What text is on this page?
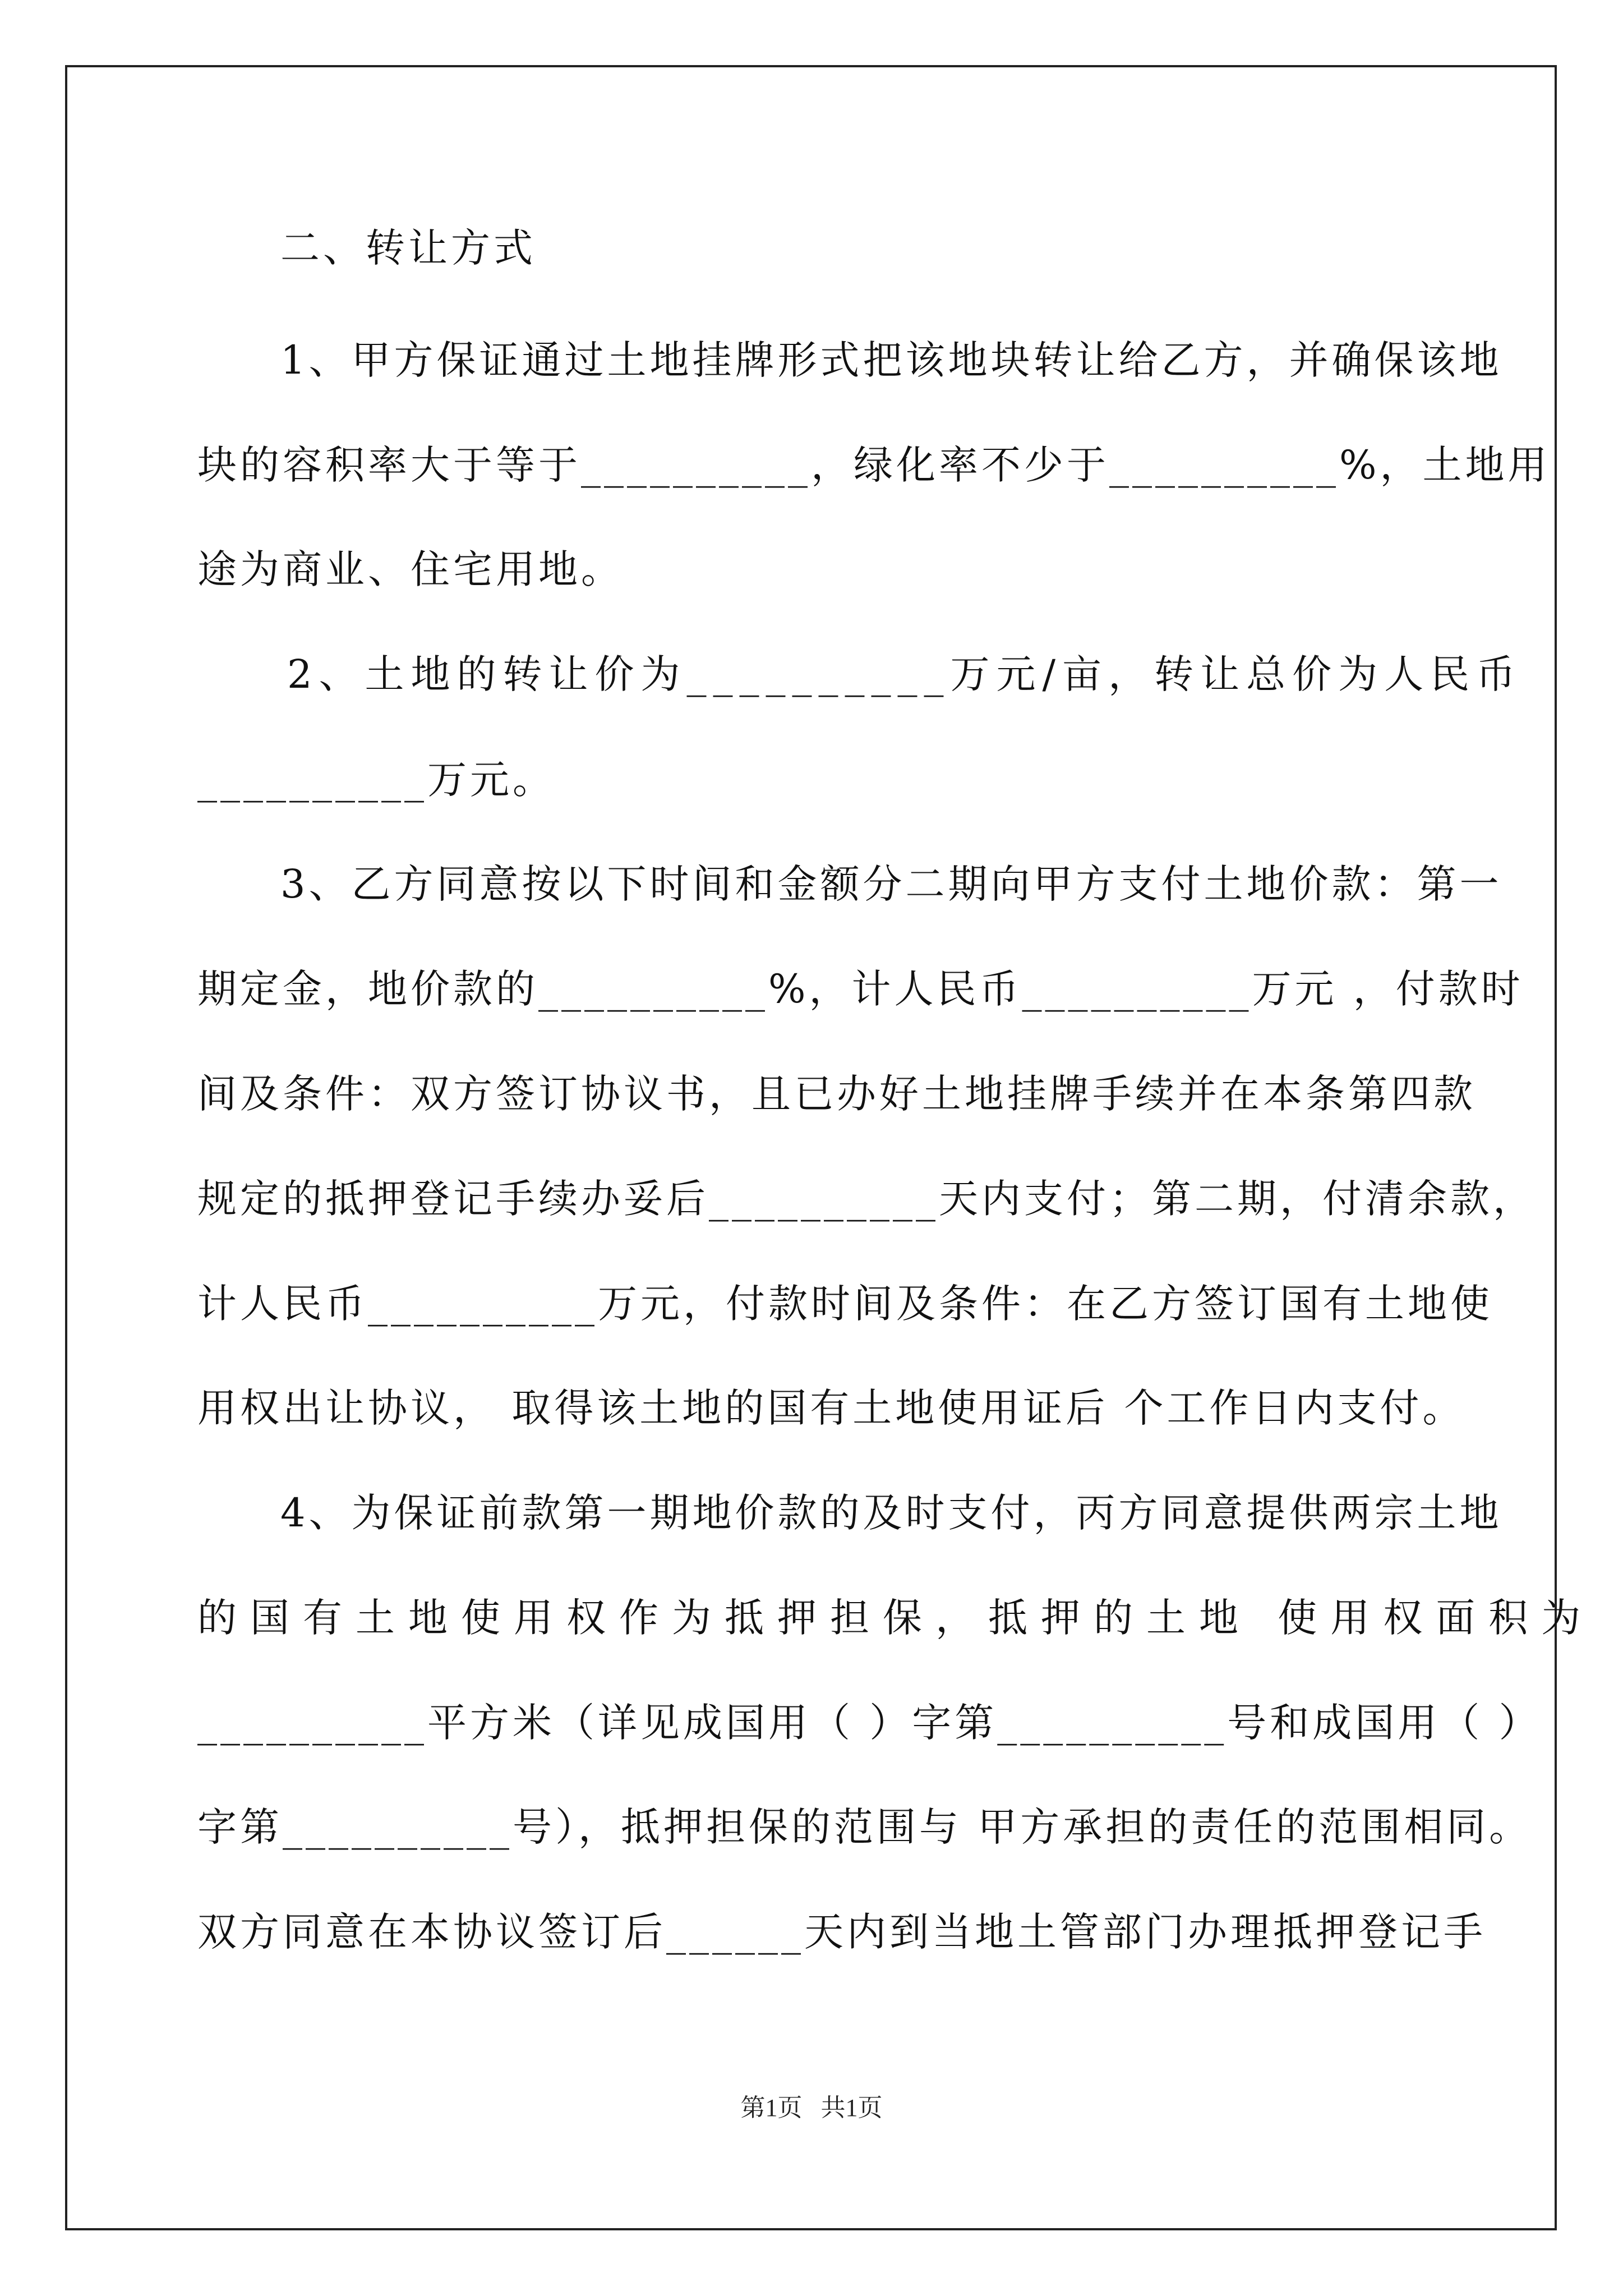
二、转让方式
1、甲方保证通过土地挂牌形式把该地块转让给乙方，并确保该地
块的容积率大于等于__________，绿化率不少于__________%，土地用
途为商业、住宅用地。
2、土地的转让价为__________万元/亩，转让总价为人民币
__________万元。
3、乙方同意按以下时间和金额分二期向甲方支付土地价款：第一
期定金，地价款的__________%，计人民币__________万元 ，付款时
间及条件：双方签订协议书，且已办好土地挂牌手续并在本条第四款
规定的抵押登记手续办妥后__________天内支付；第二期，付清余款，
计人民币__________万元，付款时间及条件：在乙方签订国有土地使
用权出让协议， 取得该土地的国有土地使用证后 个工作日内支付。
4、为保证前款第一期地价款的及时支付，丙方同意提供两宗土地
的国有土地使用权作为抵押担保，抵押的土地 使用权面积为
__________平方米（详见成国用（ ）字第__________号和成国用（ ）
字第__________号），抵押担保的范围与 甲方承担的责任的范围相同。
双方同意在本协议签订后______天内到当地土管部门办理抵押登记手
第1页   共1页
